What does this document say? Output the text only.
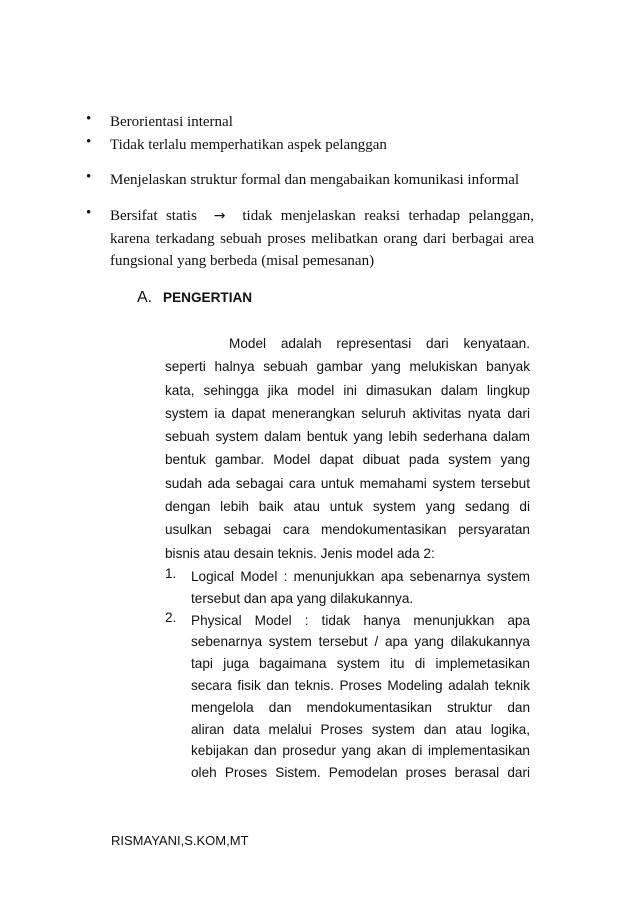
•	Berorientasi internal
•	Tidak terlalu memperhatikan aspek pelanggan
•	Menjelaskan struktur formal dan mengabaikan komunikasi informal
•	Bersifat statis → tidak menjelaskan reaksi terhadap pelanggan,
karena terkadang sebuah proses melibatkan orang dari berbagai area
fungsional yang berbeda (misal pemesanan)
A. PENGERTIAN
Model adalah representasi dari kenyataan.
seperti halnya sebuah gambar yang melukiskan banyak
kata, sehingga jika model ini dimasukan dalam lingkup
system ia dapat menerangkan seluruh aktivitas nyata dari
sebuah system dalam bentuk yang lebih sederhana dalam
bentuk gambar. Model dapat dibuat pada system yang
sudah ada sebagai cara untuk memahami system tersebut
dengan lebih baik atau untuk system yang sedang di
usulkan sebagai cara mendokumentasikan persyaratan
bisnis atau desain teknis. Jenis model ada 2:
1.	Logical Model : menunjukkan apa sebenarnya system
tersebut dan apa yang dilakukannya.
2.	Physical Model : tidak hanya menunjukkan apa
sebenarnya system tersebut / apa yang dilakukannya
tapi juga bagaimana system itu di implemetasikan
secara fisik dan teknis. Proses Modeling adalah teknik
mengelola dan mendokumentasikan struktur dan
aliran data melalui Proses system dan atau logika,
kebijakan dan prosedur yang akan di implementasikan
oleh Proses Sistem. Pemodelan proses berasal dari
RISMAYANI,S.KOM,MT
